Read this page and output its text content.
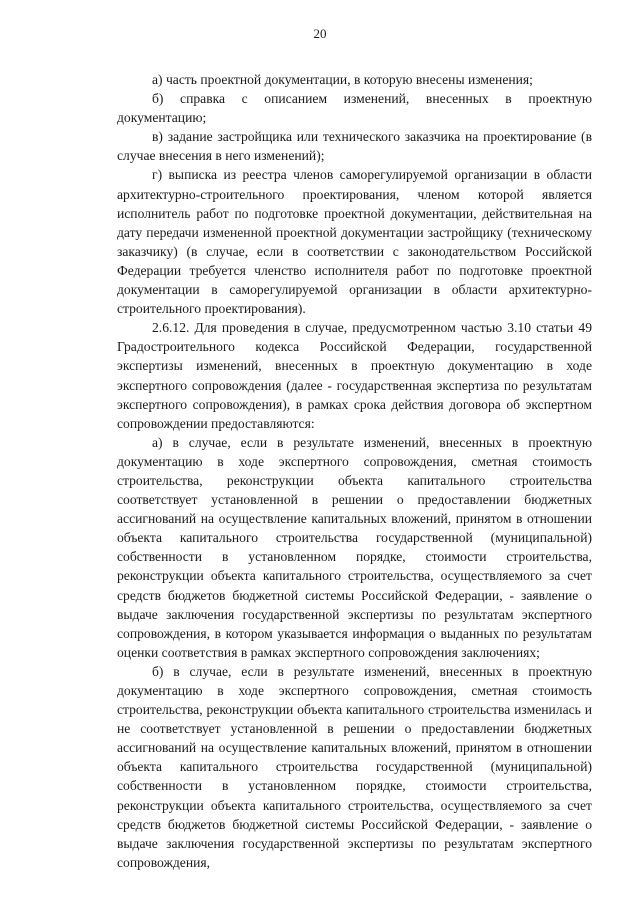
20

а) часть проектной документации, в которую внесены изменения;

б) справка с описанием изменений, внесенных в проектную документацию;

в) задание застройщика или технического заказчика на проектирование (в случае внесения в него изменений);

г) выписка из реестра членов саморегулируемой организации в области архитектурно-строительного проектирования, членом которой является исполнитель работ по подготовке проектной документации, действительная на дату передачи измененной проектной документации застройщику (техническому заказчику) (в случае, если в соответствии с законодательством Российской Федерации требуется членство исполнителя работ по подготовке проектной документации в саморегулируемой организации в области архитектурно-строительного проектирования).

2.6.12. Для проведения в случае, предусмотренном частью 3.10 статьи 49 Градостроительного кодекса Российской Федерации, государственной экспертизы изменений, внесенных в проектную документацию в ходе экспертного сопровождения (далее - государственная экспертиза по результатам экспертного сопровождения), в рамках срока действия договора об экспертном сопровождении предоставляются:

а) в случае, если в результате изменений, внесенных в проектную документацию в ходе экспертного сопровождения, сметная стоимость строительства, реконструкции объекта капитального строительства соответствует установленной в решении о предоставлении бюджетных ассигнований на осуществление капитальных вложений, принятом в отношении объекта капитального строительства государственной (муниципальной) собственности в установленном порядке, стоимости строительства, реконструкции объекта капитального строительства, осуществляемого за счет средств бюджетов бюджетной системы Российской Федерации, - заявление о выдаче заключения государственной экспертизы по результатам экспертного сопровождения, в котором указывается информация о выданных по результатам оценки соответствия в рамках экспертного сопровождения заключениях;

б) в случае, если в результате изменений, внесенных в проектную документацию в ходе экспертного сопровождения, сметная стоимость строительства, реконструкции объекта капитального строительства изменилась и не соответствует установленной в решении о предоставлении бюджетных ассигнований на осуществление капитальных вложений, принятом в отношении объекта капитального строительства государственной (муниципальной) собственности в установленном порядке, стоимости строительства, реконструкции объекта капитального строительства, осуществляемого за счет средств бюджетов бюджетной системы Российской Федерации, - заявление о выдаче заключения государственной экспертизы по результатам экспертного сопровождения,
